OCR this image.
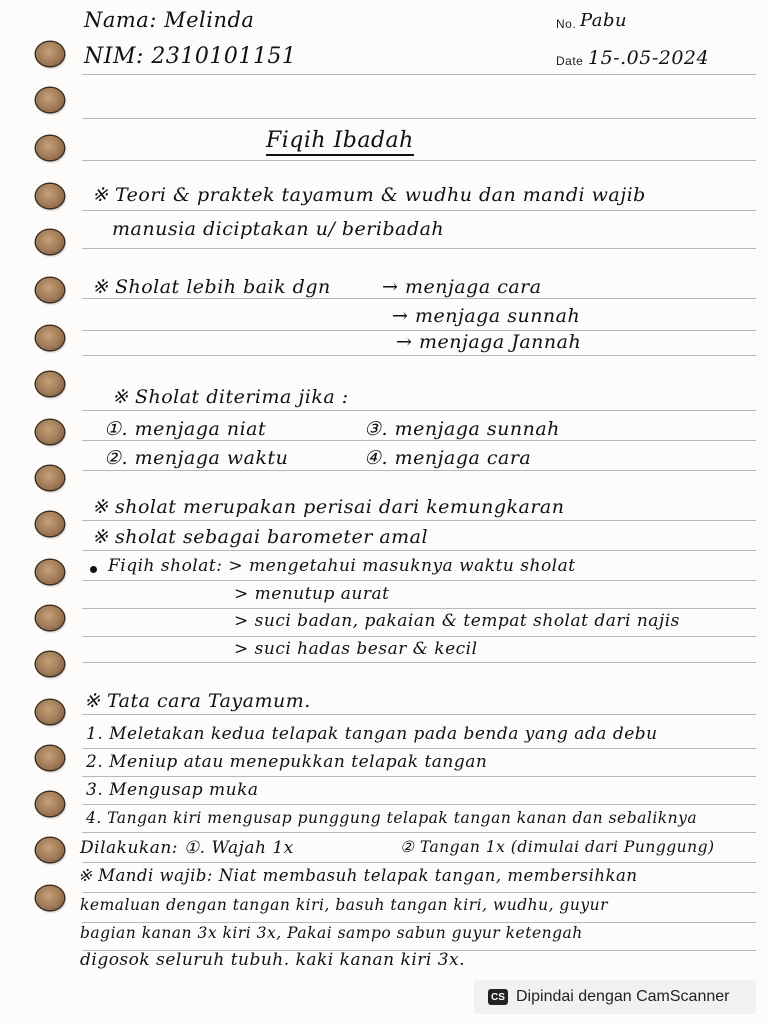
Nama: Melinda
NIM: 2310101151
No. Pabu
Date 15-.05-2024
Fiqih Ibadah
※ Teori & praktek tayamum & wudhu dan mandi wajib
manusia diciptakan u/ beribadah
※ Sholat lebih baik dgn	→ menjaga cara
→ menjaga sunnah
→ menjaga Jannah
※ Sholat diterima jika :
①. menjaga niat	③. menjaga sunnah
②. menjaga waktu	④. menjaga cara
※ sholat merupakan perisai dari kemungkaran
※ sholat sebagai barometer amal
Fiqih sholat: > mengetahui masuknya waktu sholat
> menutup aurat
> suci badan, pakaian & tempat sholat dari najis
> suci hadas besar & kecil
※ Tata cara Tayamum.
1. Meletakan kedua telapak tangan pada benda yang ada debu
2. Meniup atau menepukkan telapak tangan
3. Mengusap muka
4. Tangan kiri mengusap punggung telapak tangan kanan dan sebaliknya
Dilakukan: ①. Wajah 1x	② Tangan 1x (dimulai dari Punggung)
※ Mandi wajib: Niat membasuh telapak tangan, membersihkan
kemaluan dengan tangan kiri, basuh tangan kiri, wudhu, guyur
bagian kanan 3x kiri 3x, Pakai sampo sabun guyur ketengah
digosok seluruh tubuh. kaki kanan kiri 3x.
CS Dipindai dengan CamScanner
